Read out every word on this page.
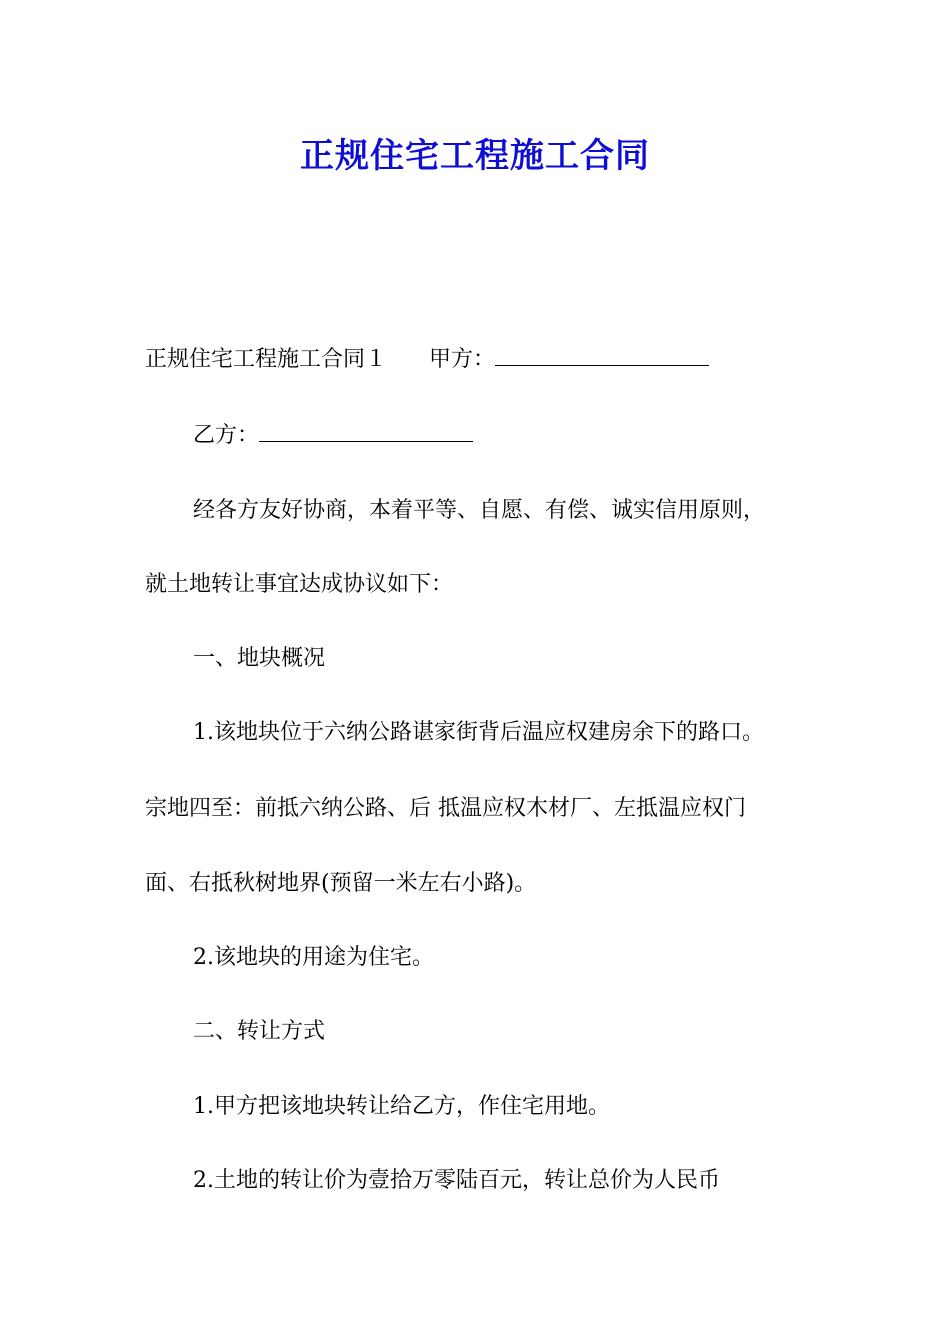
正规住宅工程施工合同

正规住宅工程施工合同１ 甲方：

乙方：

经各方友好协商，本着平等、自愿、有偿、诚实信用原则，

就土地转让事宜达成协议如下：

一、地块概况

1.该地块位于六纳公路谌家街背后温应权建房余下的路口。

宗地四至：前抵六纳公路、后 抵温应权木材厂、左抵温应权门

面、右抵秋树地界(预留一米左右小路)。

2.该地块的用途为住宅。

二、转让方式

1.甲方把该地块转让给乙方，作住宅用地。

2.土地的转让价为壹拾万零陆百元，转让总价为人民币
